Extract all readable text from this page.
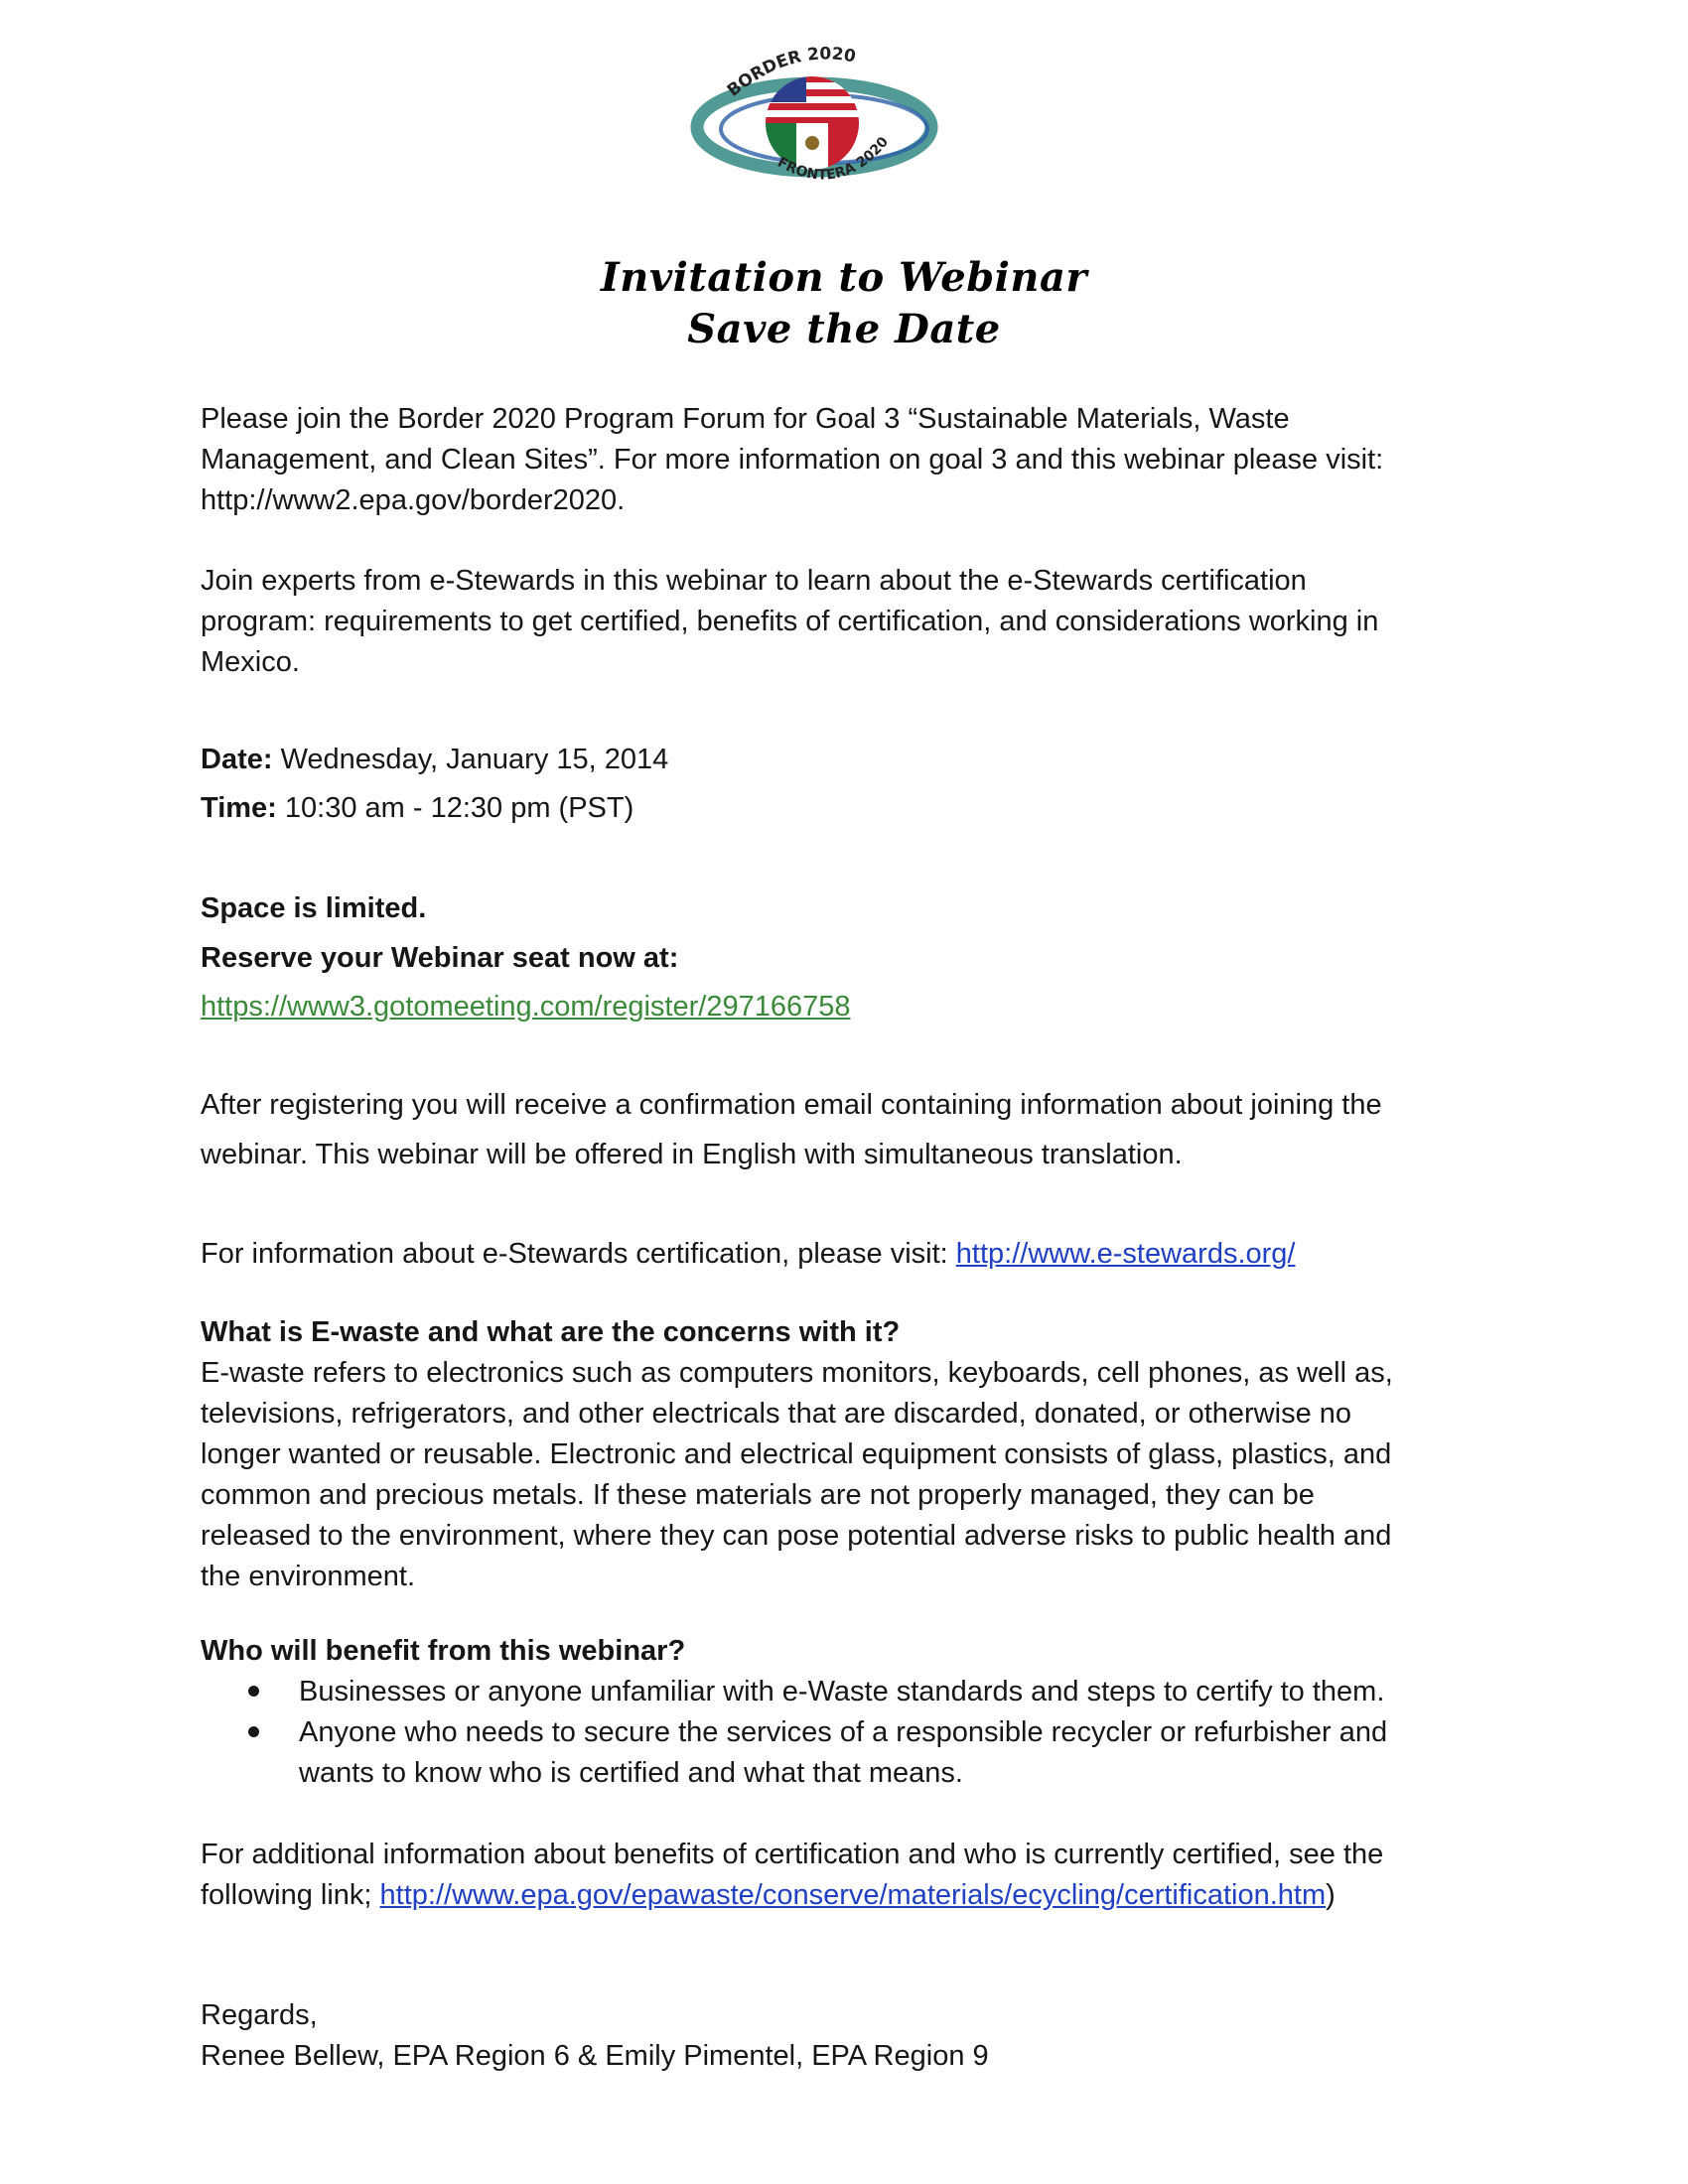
BORDER 2020
FRONTERA 2020
Invitation to Webinar
Save the Date
Please join the Border 2020 Program Forum for Goal 3 “Sustainable Materials, Waste
Management, and Clean Sites”. For more information on goal 3 and this webinar please visit:
http://www2.epa.gov/border2020.
Join experts from e-Stewards in this webinar to learn about the e-Stewards certification
program: requirements to get certified, benefits of certification, and considerations working in
Mexico.
Date: Wednesday, January 15, 2014
Time: 10:30 am - 12:30 pm (PST)
Space is limited.
Reserve your Webinar seat now at:
https://www3.gotomeeting.com/register/297166758
After registering you will receive a confirmation email containing information about joining the
webinar. This webinar will be offered in English with simultaneous translation.
For information about e-Stewards certification, please visit: http://www.e-stewards.org/
What is E-waste and what are the concerns with it?
E-waste refers to electronics such as computers monitors, keyboards, cell phones, as well as,
televisions, refrigerators, and other electricals that are discarded, donated, or otherwise no
longer wanted or reusable. Electronic and electrical equipment consists of glass, plastics, and
common and precious metals. If these materials are not properly managed, they can be
released to the environment, where they can pose potential adverse risks to public health and
the environment.
Who will benefit from this webinar?
Businesses or anyone unfamiliar with e-Waste standards and steps to certify to them.
Anyone who needs to secure the services of a responsible recycler or refurbisher and
wants to know who is certified and what that means.
For additional information about benefits of certification and who is currently certified, see the
following link; http://www.epa.gov/epawaste/conserve/materials/ecycling/certification.htm)
Regards,
Renee Bellew, EPA Region 6 & Emily Pimentel, EPA Region 9
